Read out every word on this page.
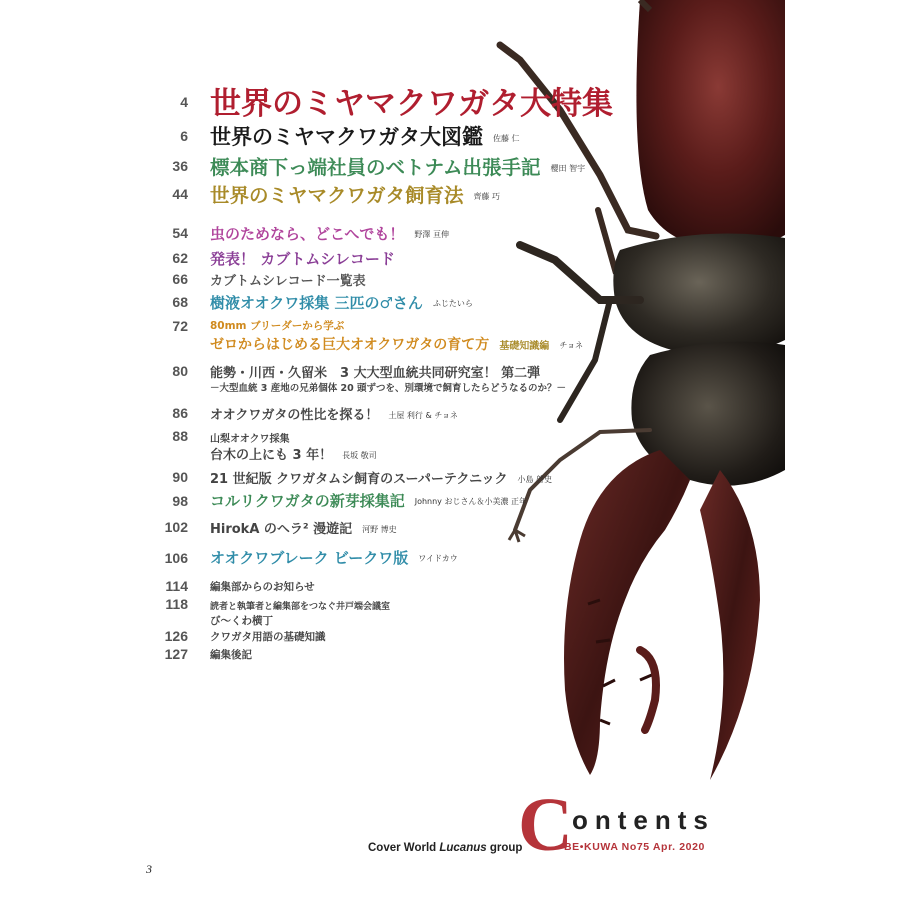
4 世界のミヤマクワガタ大特集
6 世界のミヤマクワガタ大図鑑 佐藤 仁
36 標本商下っ端社員のベトナム出張手記 櫻田 智宇
44 世界のミヤマクワガタ飼育法 齊藤 巧
54 虫のためなら、どこへでも！ 野澤 亘伸
62 発表！ カブトムシレコード
66 カブトムシレコード一覧表
68 樹液オオクワ採集 三匹の♂さん ふじたいら
72 80mm ブリーダーから学ぶ
ゼロからはじめる巨大オオクワガタの育て方 基礎知識編 チョネ
80 能勢・川西・久留米　3 大大型血統共同研究室！ 第二弾
－大型血統 3 産地の兄弟個体 20 頭ずつを、別環境で飼育したらどうなるのか？－
86 オオクワガタの性比を探る！ 土屋 利行 & チョネ
88 山梨オオクワ採集
台木の上にも 3 年！ 長坂 敬司
90 21 世紀版 クワガタムシ飼育のスーパーテクニック 小島 啓史
98 コルリクワガタの新芽採集記 Johnny おじさん＆小美濃 正年
102 HirokA のヘラ² 漫遊記 河野 博史
106 オオクワブレーク ビークワ版 ワイドカウ
114 編集部からのお知らせ
118 読者と執筆者と編集部をつなぐ井戸端会議室
び〜くわ横丁
126 クワガタ用語の基礎知識
127 編集後記
Cover World Lucanus group
C ontents
BE•KUWA No75 Apr. 2020
3
